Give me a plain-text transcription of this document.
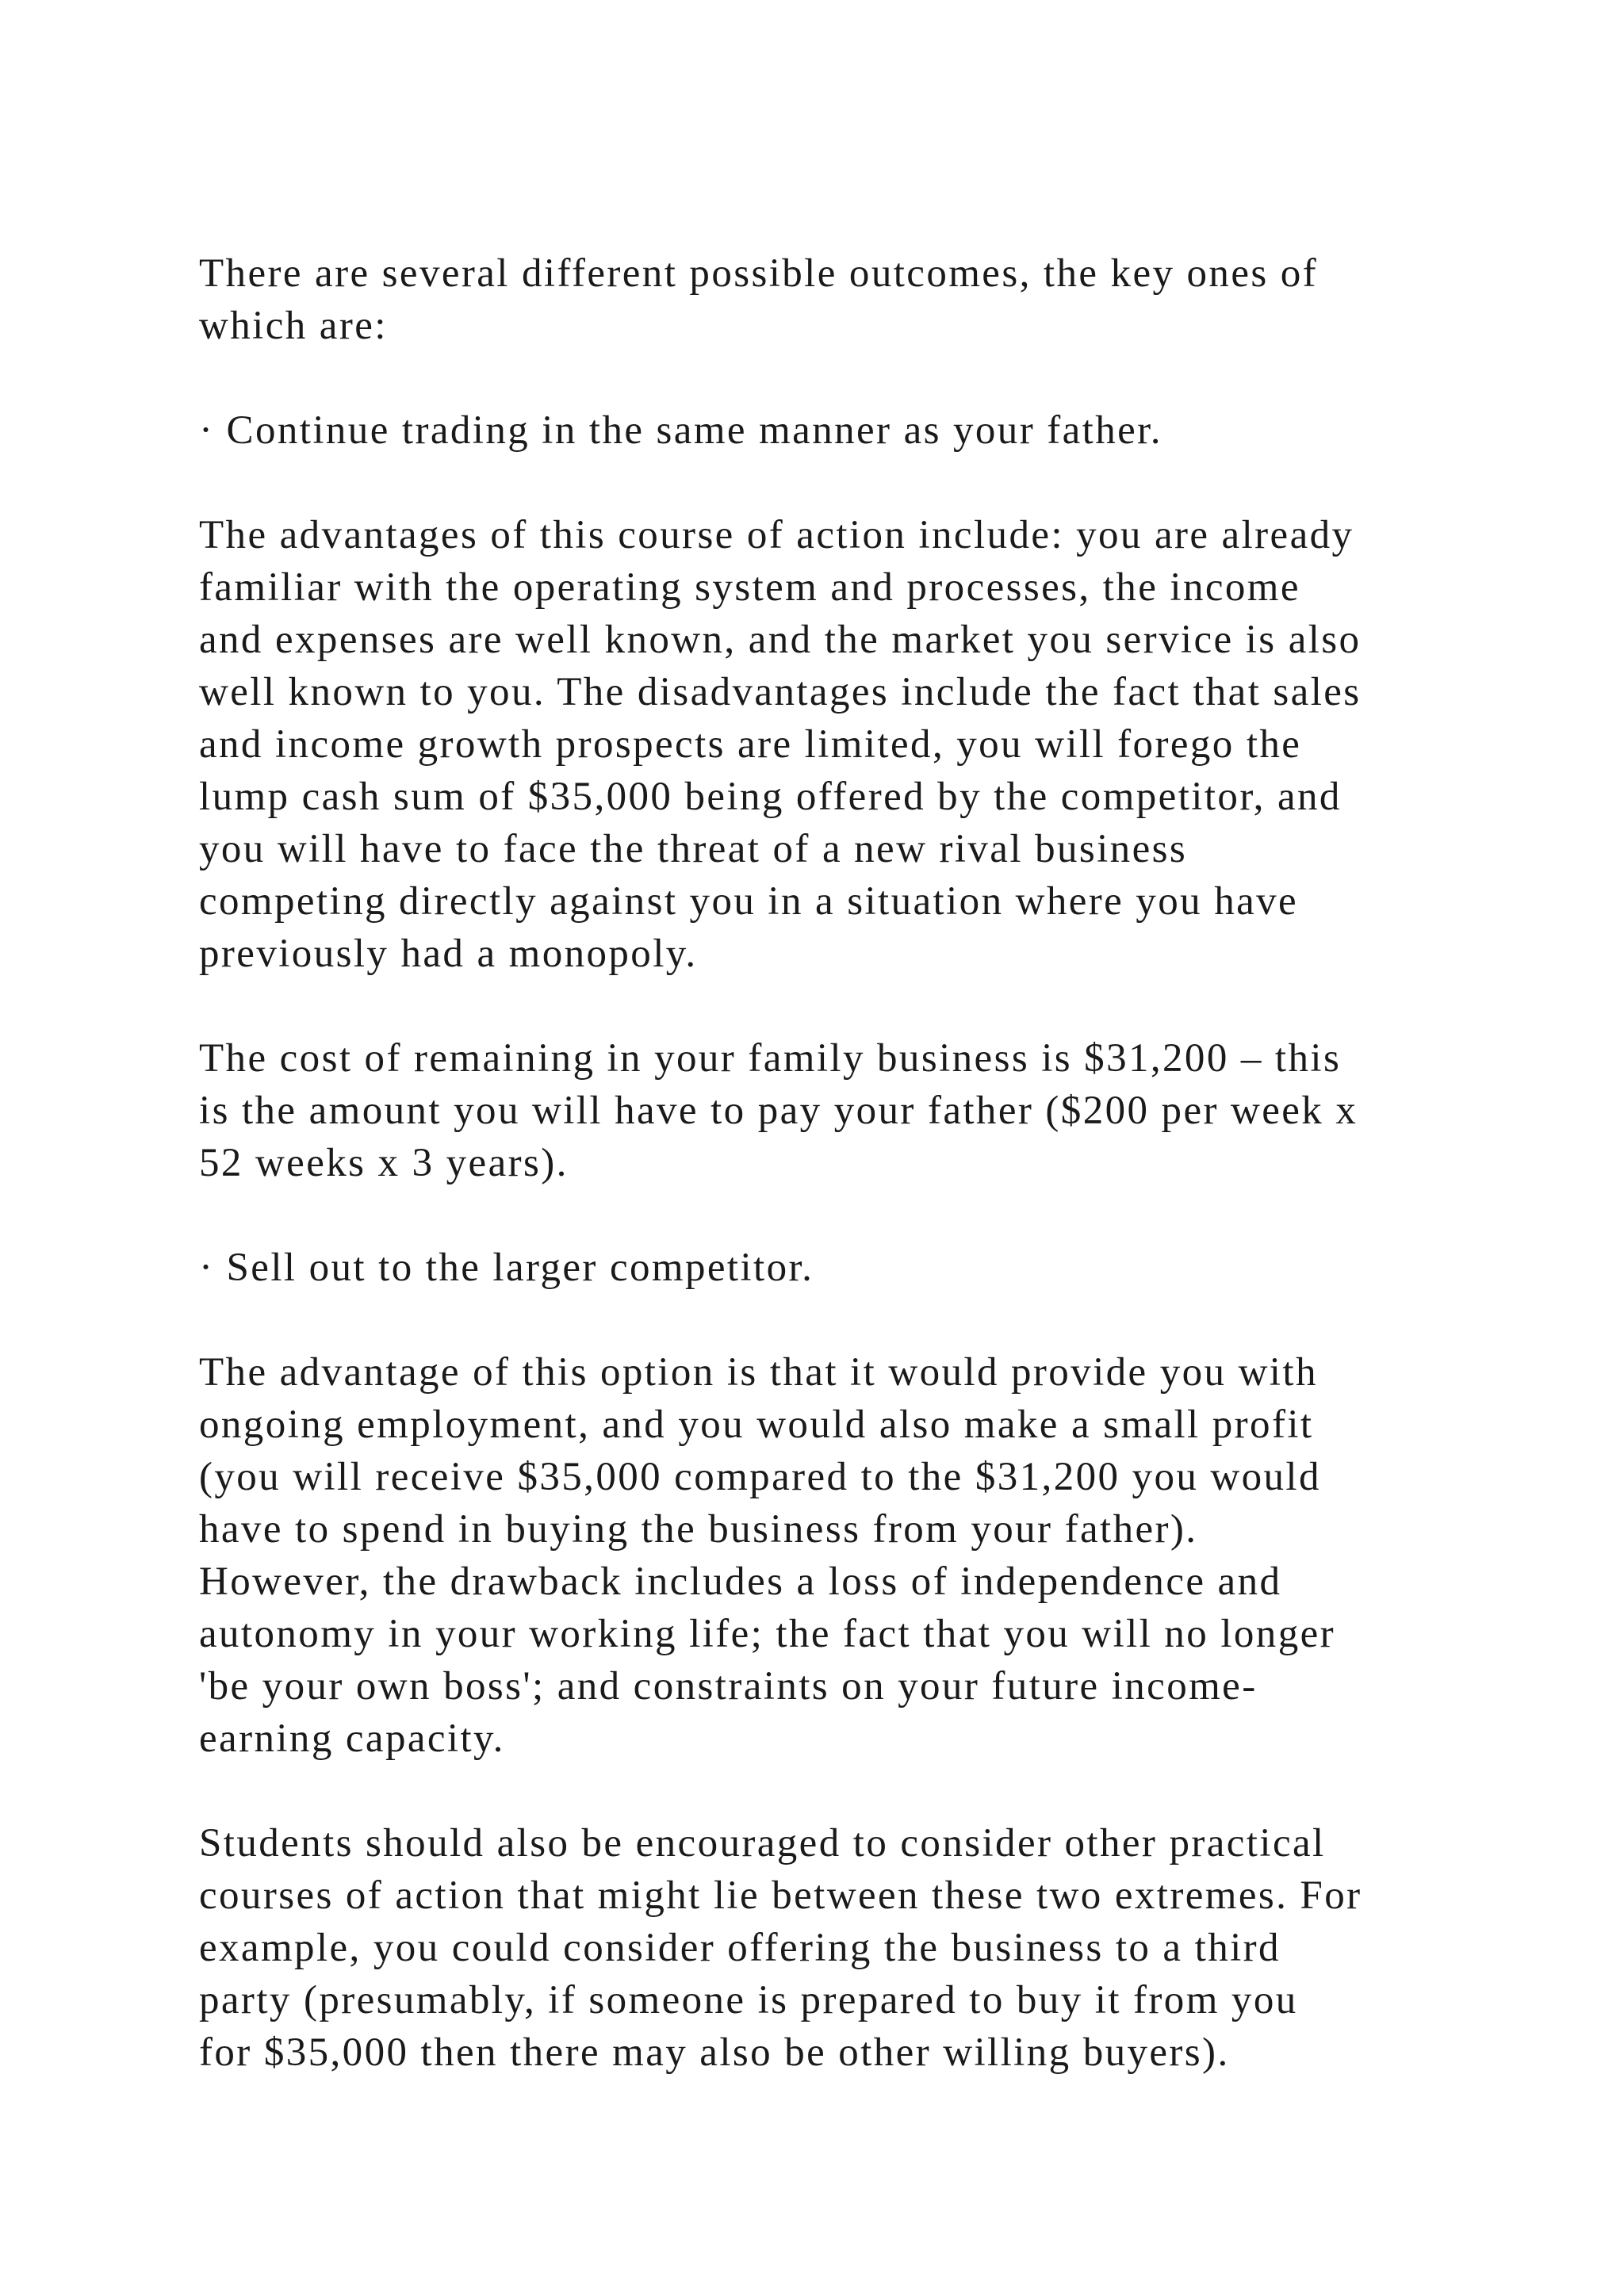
There are several different possible outcomes, the key ones of
which are:

· Continue trading in the same manner as your father.

The advantages of this course of action include: you are already
familiar with the operating system and processes, the income
and expenses are well known, and the market you service is also
well known to you. The disadvantages include the fact that sales
and income growth prospects are limited, you will forego the
lump cash sum of $35,000 being offered by the competitor, and
you will have to face the threat of a new rival business
competing directly against you in a situation where you have
previously had a monopoly.

The cost of remaining in your family business is $31,200 – this
is the amount you will have to pay your father ($200 per week x
52 weeks x 3 years).

· Sell out to the larger competitor.

The advantage of this option is that it would provide you with
ongoing employment, and you would also make a small profit
(you will receive $35,000 compared to the $31,200 you would
have to spend in buying the business from your father).
However, the drawback includes a loss of independence and
autonomy in your working life; the fact that you will no longer
'be your own boss'; and constraints on your future income-
earning capacity.

Students should also be encouraged to consider other practical
courses of action that might lie between these two extremes. For
example, you could consider offering the business to a third
party (presumably, if someone is prepared to buy it from you
for $35,000 then there may also be other willing buyers).
